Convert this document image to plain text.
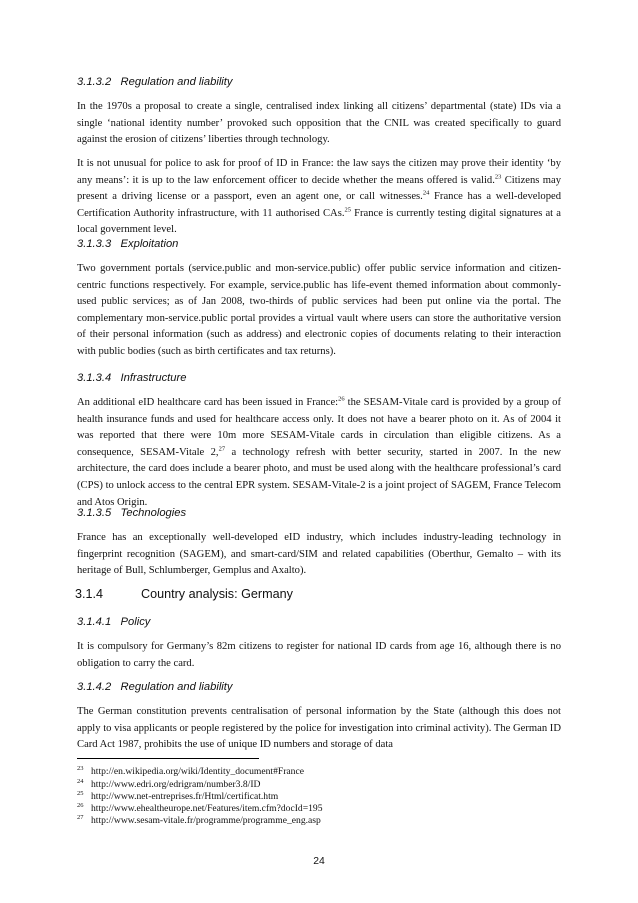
3.1.3.2 Regulation and liability

In the 1970s a proposal to create a single, centralised index linking all citizens’ departmental (state) IDs via a single ‘national identity number’ provoked such opposition that the CNIL was created specifically to guard against the erosion of citizens’ liberties through technology.

It is not unusual for police to ask for proof of ID in France: the law says the citizen may prove their identity ‘by any means’: it is up to the law enforcement officer to decide whether the means offered is valid.$^{23}$ Citizens may present a driving license or a passport, even an agent one, or call witnesses.$^{24}$ France has a well-developed Certification Authority infrastructure, with 11 authorised CAs.$^{25}$ France is currently testing digital signatures at a local government level.

3.1.3.3 Exploitation

Two government portals (service.public and mon-service.public) offer public service information and citizen-centric functions respectively. For example, service.public has life-event themed information about commonly-used public services; as of Jan 2008, two-thirds of public services had been put online via the portal. The complementary mon-service.public portal provides a virtual vault where users can store the authoritative version of their personal information (such as address) and electronic copies of documents relating to their interaction with public bodies (such as birth certificates and tax returns).

3.1.3.4 Infrastructure

An additional eID healthcare card has been issued in France:$^{26}$ the SESAM-Vitale card is provided by a group of health insurance funds and used for healthcare access only. It does not have a bearer photo on it. As of 2004 it was reported that there were 10m more SESAM-Vitale cards in circulation than eligible citizens. As a consequence, SESAM-Vitale 2,27 a technology refresh with better security, started in 2007. In the new architecture, the card does include a bearer photo, and must be used along with the healthcare professional’s card (CPS) to unlock access to the central EPR system. SESAM-Vitale-2 is a joint project of SAGEM, France Telecom and Atos Origin.

3.1.3.5 Technologies

France has an exceptionally well-developed eID industry, which includes industry-leading technology in fingerprint recognition (SAGEM), and smart-card/SIM and related capabilities (Oberthur, Gemalto – with its heritage of Bull, Schlumberger, Gemplus and Axalto).

3.1.4	Country analysis: Germany
3.1.4.1 Policy

It is compulsory for Germany’s 82m citizens to register for national ID cards from age 16, although there is no obligation to carry the card.

3.1.4.2 Regulation and liability

The German constitution prevents centralisation of personal information by the State (although this does not apply to visa applicants or people registered by the police for investigation into criminal activity). The German ID Card Act 1987, prohibits the use of unique ID numbers and storage of data

23 http://en.wikipedia.org/wiki/Identity_document#France
24 http://www.edri.org/edrigram/number3.8/ID
25 http://www.net-entreprises.fr/Html/certificat.htm
26 http://www.ehealtheurope.net/Features/item.cfm?docId=195
27 http://www.sesam-vitale.fr/programme/programme_eng.asp
24
